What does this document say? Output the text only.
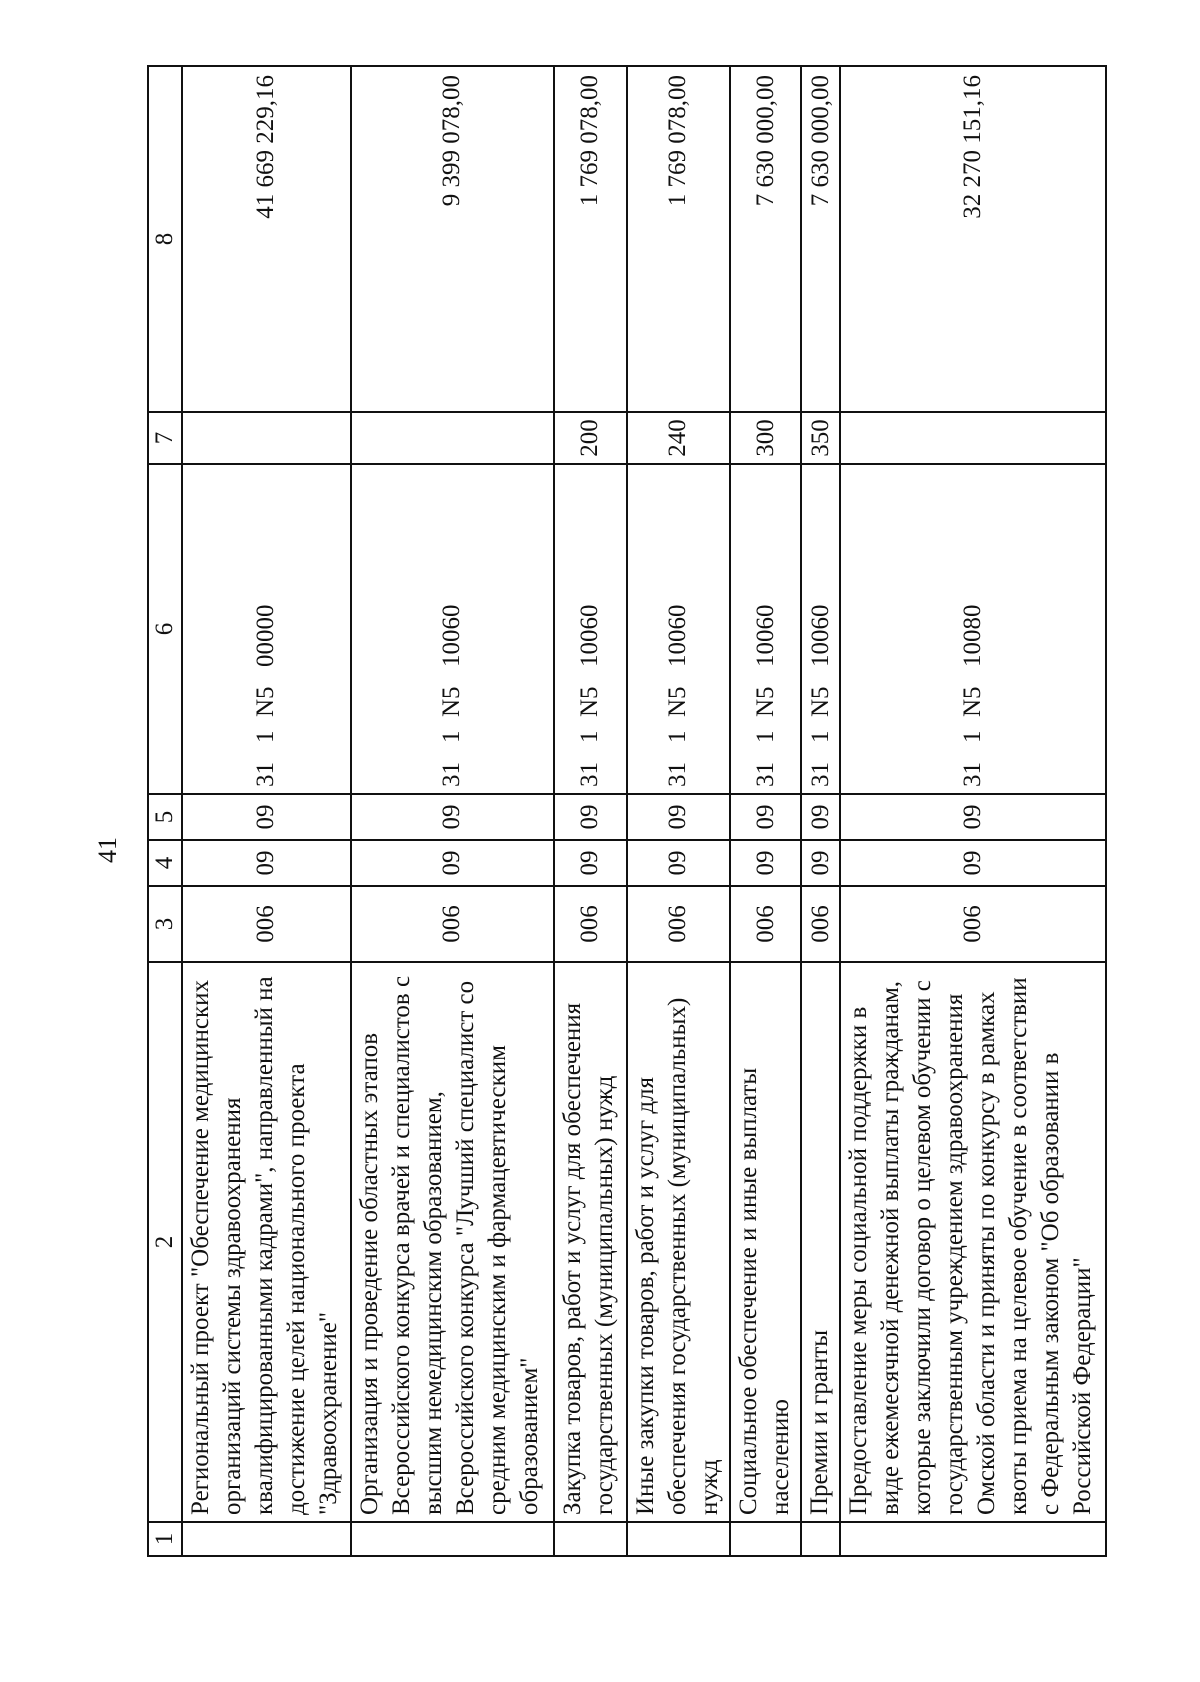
41
1	2	3	4	5	6	7	8
	Региональный проект "Обеспечение медицинских организаций системы здравоохранения квалифицированными кадрами", направленный на достижение целей национального проекта "Здравоохранение"	006	09	09	311N500000		41 669 229,16
	Организация и проведение областных этапов Всероссийского конкурса врачей и специалистов с высшим немедицинским образованием, Всероссийского конкурса "Лучший специалист со средним медицинским и фармацевтическим образованием"	006	09	09	311N510060		9 399 078,00
	Закупка товаров, работ и услуг для обеспечения государственных (муниципальных) нужд	006	09	09	311N510060	200	1 769 078,00
	Иные закупки товаров, работ и услуг для обеспечения государственных (муниципальных) нужд	006	09	09	311N510060	240	1 769 078,00
	Социальное обеспечение и иные выплаты населению	006	09	09	311N510060	300	7 630 000,00
	Премии и гранты	006	09	09	311N510060	350	7 630 000,00
	Предоставление меры социальной поддержки в виде ежемесячной денежной выплаты гражданам, которые заключили договор о целевом обучении с государственным учреждением здравоохранения Омской области и приняты по конкурсу в рамках квоты приема на целевое обучение в соответствии с Федеральным законом "Об образовании в Российской Федерации"	006	09	09	311N510080		32 270 151,16
